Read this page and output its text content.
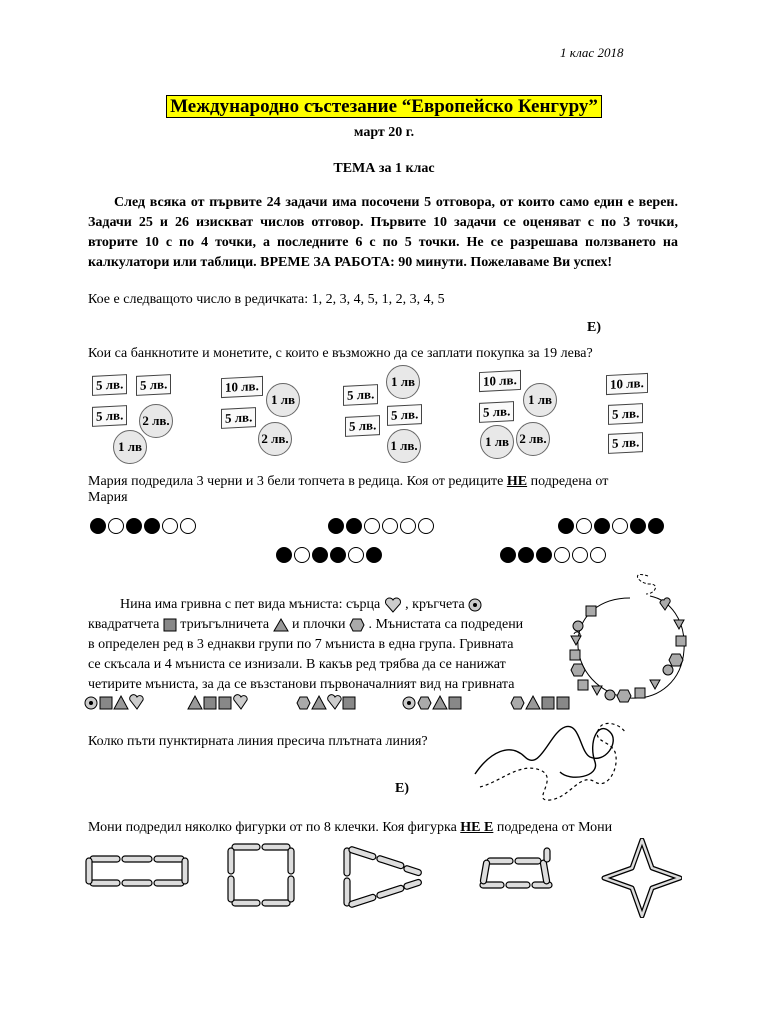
1 клас 2018
Международно състезание “Европейско Кенгуру”
март 20 г.
ТЕМА за 1 клас
След всяка от първите 24 задачи има посочени 5 отговора, от които само един е верен. Задачи 25 и 26 изискват числов отговор. Първите 10 задачи се оценяват с по 3 точки, вторите 10 с по 4 точки, а последните 6 с по 5 точки. Не се разрешава ползването на калкулатори или таблици. ВРЕМЕ ЗА РАБОТА: 90 минути. Пожелаваме Ви успех!
Кое е следващото число в редичката: 1, 2, 3, 4, 5, 1, 2, 3, 4, 5
E)
Кои са банкнотите и монетите, с които е възможно да се заплати покупка за 19 лева?
5 лв.	5 лв.
5 лв.	2 лв.
1 лв
10 лв.
1 лв
5 лв.
2 лв.
1 лв
5 лв.
5 лв.
5 лв.
1 лв.
10 лв.
1 лв
5 лв.
1 лв 2 лв.
10 лв.
5 лв.
5 лв.
Мария подредила 3 черни и 3 бели топчета в редица. Коя от редиците НЕ подредена от
Мария
Нина има гривна с пет вида мъниста: сърца , кръгчета
квадратчета триъгълничета и плочки . Мънистата са подредени
в определен ред в 3 еднакви групи по 7 мъниста в една група. Гривната
се скъсала и 4 мъниста се изнизали. В какъв ред трябва да се нанижат
четирите мъниста, за да се възстанови първоначалният вид на гривната
Колко пъти пунктирната линия пресича плътната линия?
E)
Мони подредил няколко фигурки от по 8 клечки. Коя фигурка НЕ Е подредена от Мони
